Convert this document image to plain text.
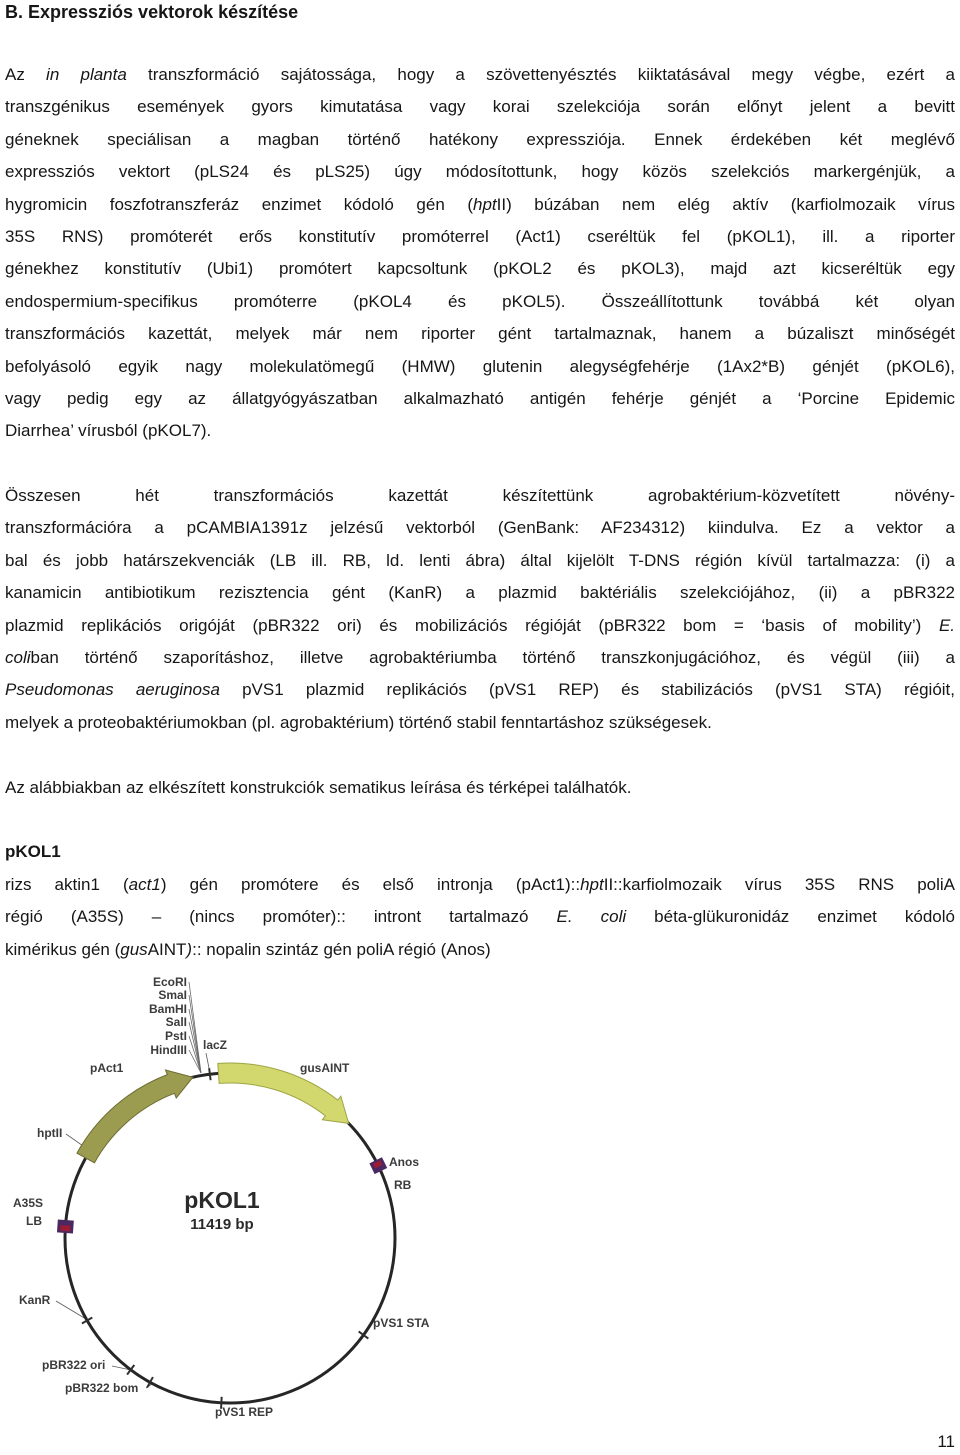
B. Expressziós vektorok készítése
Az in planta transzformáció sajátossága, hogy a szövettenyésztés kiiktatásával megy végbe, ezért a
transzgénikus események gyors kimutatása vagy korai szelekciója során előnyt jelent a bevitt
géneknek speciálisan a magban történő hatékony expressziója. Ennek érdekében két meglévő
expressziós vektort (pLS24 és pLS25) úgy módosítottunk, hogy közös szelekciós markergénjük, a
hygromicin foszfotranszferáz enzimet kódoló gén (hptII) búzában nem elég aktív (karfiolmozaik vírus
35S RNS) promóterét erős konstitutív promóterrel (Act1) cseréltük fel (pKOL1), ill. a riporter
génekhez konstitutív (Ubi1) promótert kapcsoltunk (pKOL2 és pKOL3), majd azt kicseréltük egy
endospermium-specifikus promóterre (pKOL4 és pKOL5). Összeállítottunk továbbá két olyan
transzformációs kazettát, melyek már nem riporter gént tartalmaznak, hanem a búzaliszt minőségét
befolyásoló egyik nagy molekulatömegű (HMW) glutenin alegységfehérje (1Ax2*B) génjét (pKOL6),
vagy pedig egy az állatgyógyászatban alkalmazható antigén fehérje génjét a ‘Porcine Epidemic
Diarrhea’ vírusból (pKOL7).
Összesen hét transzformációs kazettát készítettünk agrobaktérium-közvetített növény-
transzformációra a pCAMBIA1391z jelzésű vektorból (GenBank: AF234312) kiindulva. Ez a vektor a
bal és jobb határszekvenciák (LB ill. RB, ld. lenti ábra) által kijelölt T-DNS régión kívül tartalmazza: (i) a
kanamicin antibiotikum rezisztencia gént (KanR) a plazmid baktériális szelekciójához, (ii) a pBR322
plazmid replikációs origóját (pBR322 ori) és mobilizációs régióját (pBR322 bom = ‘basis of mobility’) E.
coliban történő szaporításhoz, illetve agrobaktériumba történő transzkonjugációhoz, és végül (iii) a
Pseudomonas aeruginosa pVS1 plazmid replikációs (pVS1 REP) és stabilizációs (pVS1 STA) régióit,
melyek a proteobaktériumokban (pl. agrobaktérium) történő stabil fenntartáshoz szükségesek.
Az alábbiakban az elkészített konstrukciók sematikus leírása és térképei találhatók.
pKOL1
rizs aktin1 (act1) gén promótere és első intronja (pAct1)::hptII::karfiolmozaik vírus 35S RNS poliA
régió (A35S) – (nincs promóter):: intront tartalmazó E. coli béta-glükuronidáz enzimet kódoló
kimérikus gén (gusAINT):: nopalin szintáz gén poliA régió (Anos)
EcoRI
SmaI
BamHI
SalI
PstI
HindIII lacZ
pAct1	gusAINT
hptII
Anos
RB
A35S
LB
pKOL1
11419 bp
KanR
pVS1 STA
pBR322 ori
pBR322 bom
pVS1 REP
11
